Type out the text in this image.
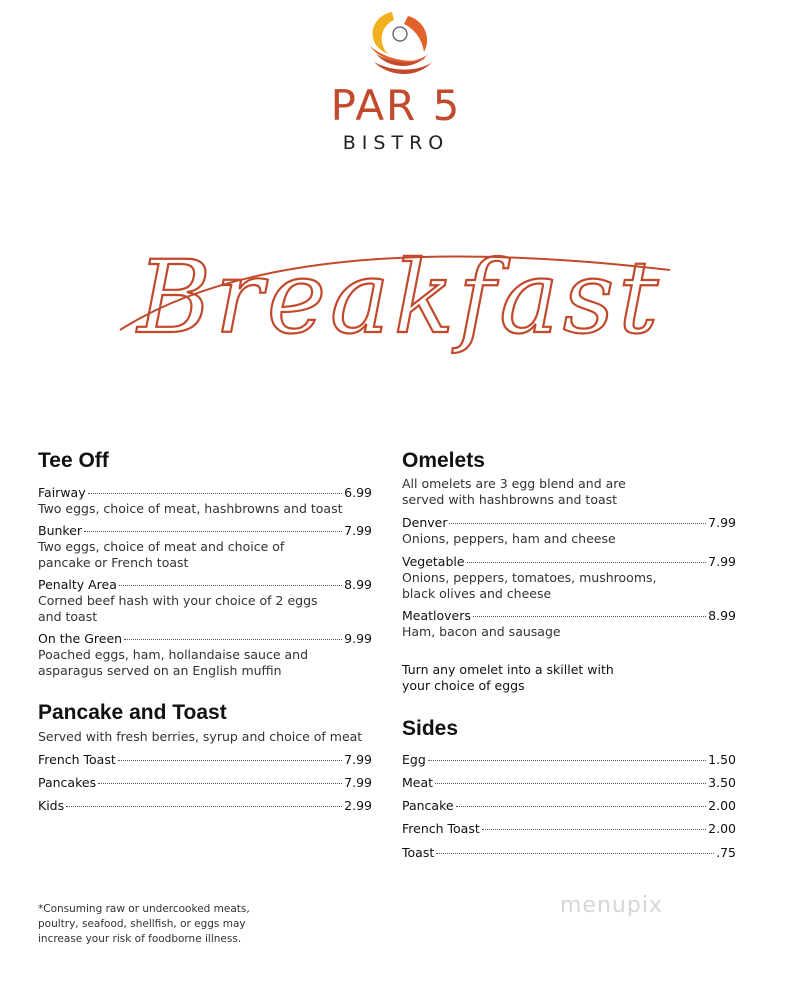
PAR 5
BISTRO
Breakfast
Tee Off
Fairway	6.99
Two eggs, choice of meat, hashbrowns and toast
Bunker	7.99
Two eggs, choice of meat and choice of pancake or French toast
Penalty Area	8.99
Corned beef hash with your choice of 2 eggs and toast
On the Green	9.99
Poached eggs, ham, hollandaise sauce and asparagus served on an English muffin
Pancake and Toast
Served with fresh berries, syrup and choice of meat
French Toast	7.99
Pancakes	7.99
Kids	2.99
Omelets
All omelets are 3 egg blend and are served with hashbrowns and toast
Denver	7.99
Onions, peppers, ham and cheese
Vegetable	7.99
Onions, peppers, tomatoes, mushrooms, black olives and cheese
Meatlovers	8.99
Ham, bacon and sausage
Turn any omelet into a skillet with your choice of eggs
Sides
Egg	1.50
Meat	3.50
Pancake	2.00
French Toast	2.00
Toast	.75
*Consuming raw or undercooked meats, poultry, seafood, shellfish, or eggs may increase your risk of foodborne illness.
menupix
